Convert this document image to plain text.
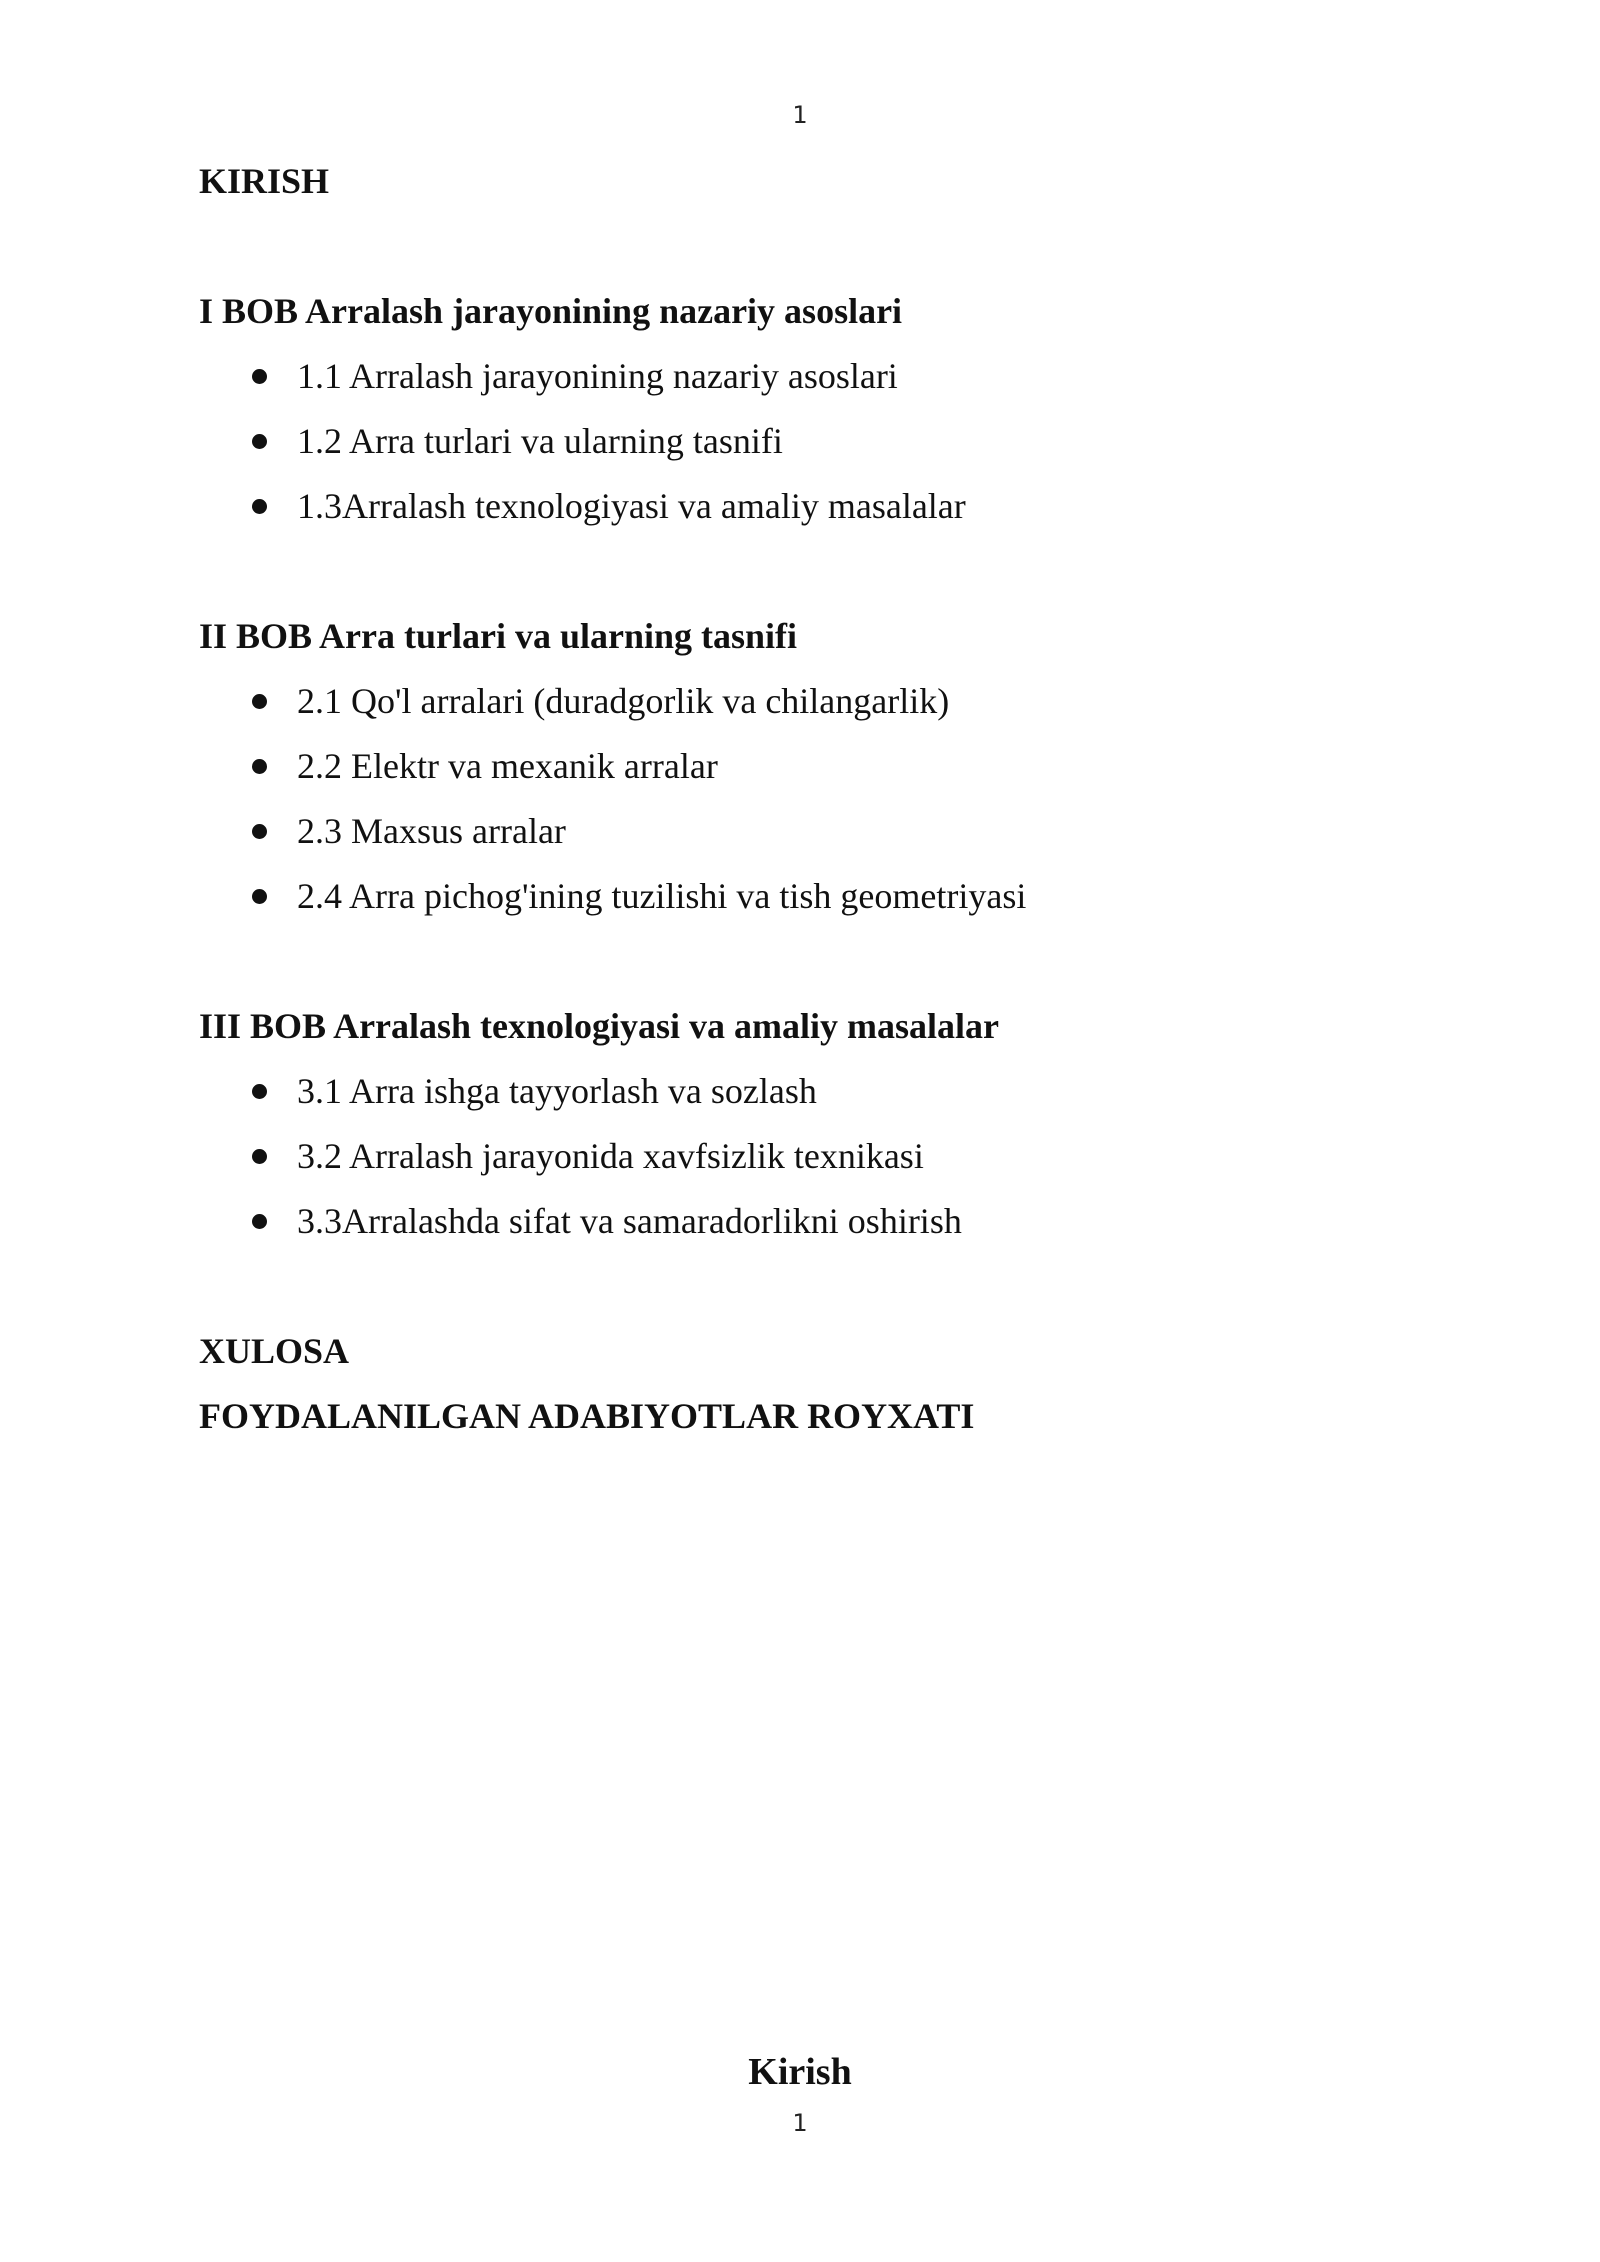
1
KIRISH
I BOB Arralash jarayonining nazariy asoslari
1.1 Arralash jarayonining nazariy asoslari
1.2 Arra turlari va ularning tasnifi
1.3Arralash texnologiyasi va amaliy masalalar
II BOB Arra turlari va ularning tasnifi
2.1 Qo'l arralari (duradgorlik va chilangarlik)
2.2 Elektr va mexanik arralar
2.3 Maxsus arralar
2.4 Arra pichog'ining tuzilishi va tish geometriyasi
III BOB Arralash texnologiyasi va amaliy masalalar
3.1 Arra ishga tayyorlash va sozlash
3.2 Arralash jarayonida xavfsizlik texnikasi
3.3Arralashda sifat va samaradorlikni oshirish
XULOSA
FOYDALANILGAN ADABIYOTLAR ROYXATI
Kirish
1
